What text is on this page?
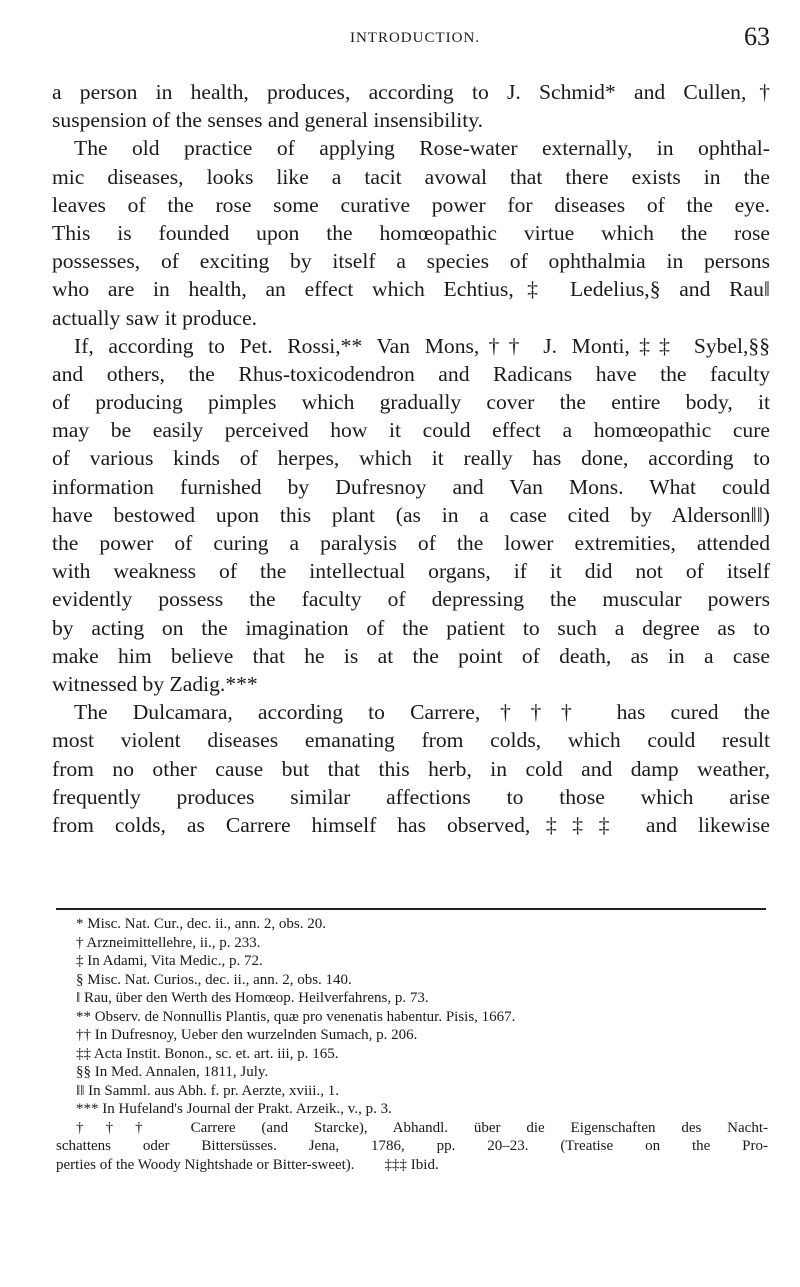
INTRODUCTION.	63
a person in health, produces, according to J. Schmid* and Cullen,†
suspension of the senses and general insensibility.
The old practice of applying Rose-water externally, in ophthal-
mic diseases, looks like a tacit avowal that there exists in the
leaves of the rose some curative power for diseases of the eye.
This is founded upon the homœopathic virtue which the rose
possesses, of exciting by itself a species of ophthalmia in persons
who are in health, an effect which Echtius,‡ Ledelius,§ and Rau‖
actually saw it produce.
If, according to Pet. Rossi,** Van Mons,†† J. Monti,‡‡ Sybel,§§
and others, the Rhus-toxicodendron and Radicans have the faculty
of producing pimples which gradually cover the entire body, it
may be easily perceived how it could effect a homœopathic cure
of various kinds of herpes, which it really has done, according to
information furnished by Dufresnoy and Van Mons. What could
have bestowed upon this plant (as in a case cited by Alderson‖‖)
the power of curing a paralysis of the lower extremities, attended
with weakness of the intellectual organs, if it did not of itself
evidently possess the faculty of depressing the muscular powers
by acting on the imagination of the patient to such a degree as to
make him believe that he is at the point of death, as in a case
witnessed by Zadig.***
The Dulcamara, according to Carrere,††† has cured the
most violent diseases emanating from colds, which could result
from no other cause but that this herb, in cold and damp weather,
frequently produces similar affections to those which arise
from colds, as Carrere himself has observed,‡‡‡ and likewise
* Misc. Nat. Cur., dec. ii., ann. 2, obs. 20.
† Arzneimittellehre, ii., p. 233.
‡ In Adami, Vita Medic., p. 72.
§ Misc. Nat. Curios., dec. ii., ann. 2, obs. 140.
‖ Rau, über den Werth des Homœop. Heilverfahrens, p. 73.
** Observ. de Nonnullis Plantis, quæ pro venenatis habentur. Pisis, 1667.
†† In Dufresnoy, Ueber den wurzelnden Sumach, p. 206.
‡‡ Acta Instit. Bonon., sc. et. art. iii, p. 165.
§§ In Med. Annalen, 1811, July.
‖‖ In Samml. aus Abh. f. pr. Aerzte, xviii., 1.
*** In Hufeland's Journal der Prakt. Arzeik., v., p. 3.
††† Carrere (and Starcke), Abhandl. über die Eigenschaften des Nacht-
schattens oder Bittersüsses. Jena, 1786, pp. 20–23. (Treatise on the Pro-
perties of the Woody Nightshade or Bitter-sweet).        ‡‡‡ Ibid.
